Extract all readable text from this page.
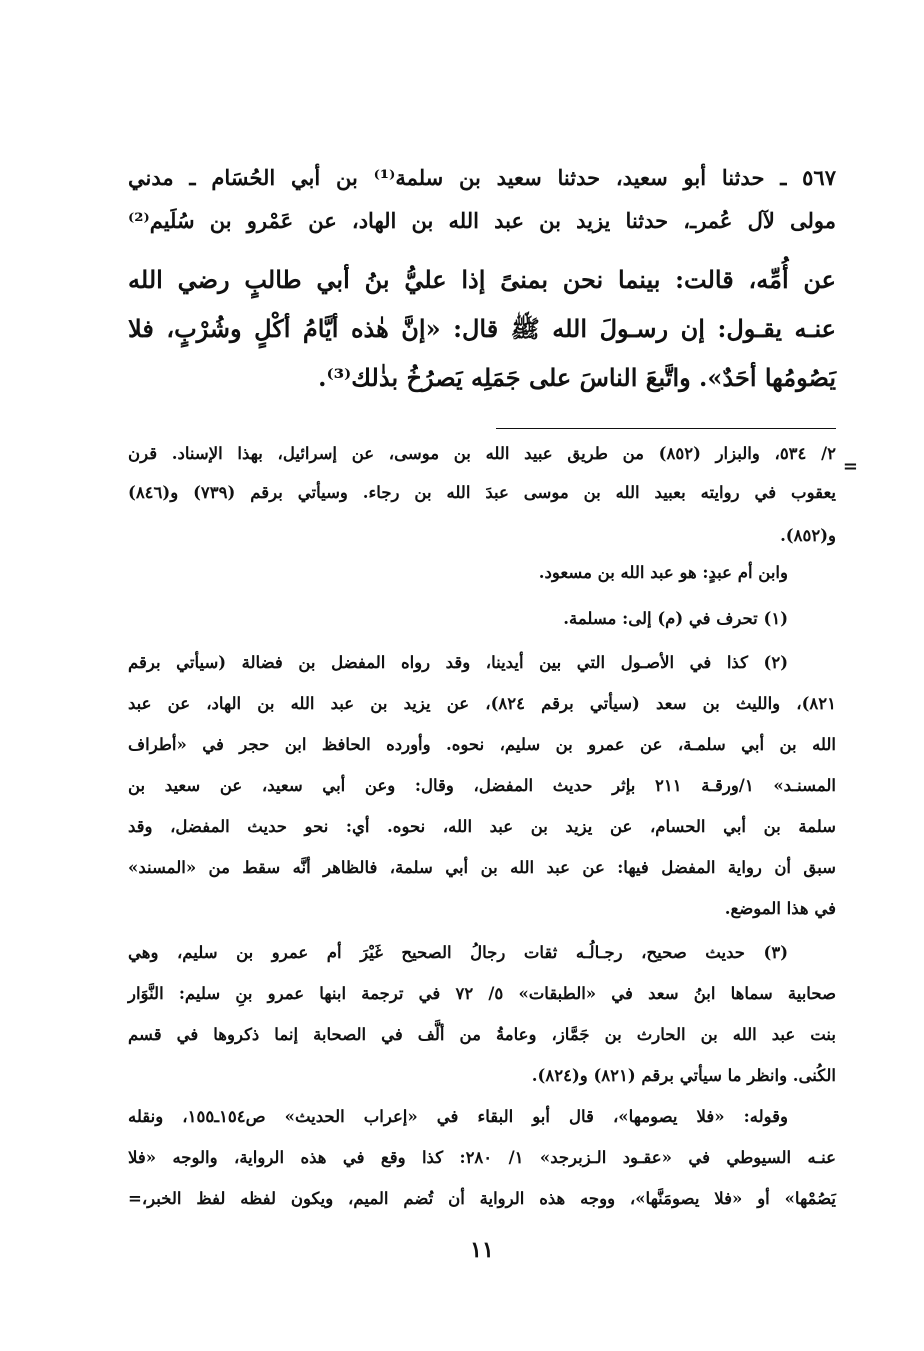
٥٦٧ ـ حدثنا أبو سعيد، حدثنا سعيد بن سلمة⁽¹⁾ بن أبي الحُسَام ـ مدني
مولى لآل عُمرـ، حدثنا يزيد بن عبد الله بن الهاد، عن عَمْرو بن سُلَيم⁽²⁾
عن أُمِّه، قالت: بينما نحن بمنىً إذا عليُّ بنُ أبي طالبٍ رضي الله
عنـه يقـول: إن رسـولَ الله ﷺ قال: «إنَّ هٰذه أيَّامُ أكْلٍ وشُرْبٍ، فلا
يَصُومُها أحَدٌ». واتَّبعَ الناسَ على جَمَلِه يَصرُخُ بذٰلك⁽³⁾.
=
٢/ ٥٣٤، والبزار (٨٥٢) من طريق عبيد الله بن موسى، عن إسرائيل، بهذا الإسناد. قرن
يعقوب في روايته بعبيد الله بن موسى عبدَ الله بن رجاء. وسيأتي برقم (٧٣٩) و(٨٤٦)
و(٨٥٢).
وابن أم عبدٍ: هو عبد الله بن مسعود.
(١) تحرف في (م) إلى: مسلمة.
(٢) كذا في الأصـول التي بين أيدينا، وقد رواه المفضل بن فضالة (سيأتي برقم
٨٢١)، والليث بن سعد (سيأتي برقم ٨٢٤)، عن يزيد بن عبد الله بن الهاد، عن عبد
الله بن أبي سلمـة، عن عمرو بن سليم، نحوه. وأورده الحافظ ابن حجر في «أطراف
المسنـد» ١/ورقـة ٢١١ بإثر حديث المفضل، وقال: وعن أبي سعيد، عن سعيد بن
سلمة بن أبي الحسام، عن يزيد بن عبد الله، نحوه. أي: نحو حديث المفضل، وقد
سبق أن رواية المفضل فيها: عن عبد الله بن أبي سلمة، فالظاهر أنَّه سقط من «المسند»
في هذا الموضع.
(٣) حديث صحيح، رجـالُـه ثقات رجالُ الصحيح غَيْرَ أم عمرو بن سليم، وهي
صحابية سماها ابنُ سعد في «الطبقات» ٥/ ٧٢ في ترجمة ابنها عمرو بنِ سليم: النَّوَار
بنت عبد الله بن الحارث بن جَمَّاز، وعامةُ من ألَّف في الصحابة إنما ذكروها في قسم
الكُنى. وانظر ما سيأتي برقم (٨٢١) و(٨٢٤).
وقوله: «فلا يصومها»، قال أبو البقاء في «إعراب الحديث» ص١٥٤ـ١٥٥، ونقله
عنـه السيوطي في «عقـود الـزبرجد» ١/ ٢٨٠: كذا وقع في هذه الرواية، والوجه «فلا
يَصُمْها» أو «فلا يصومَنَّها»، ووجه هذه الرواية أن تُضم الميم، ويكون لفظه لفظ الخبر،=
١١
